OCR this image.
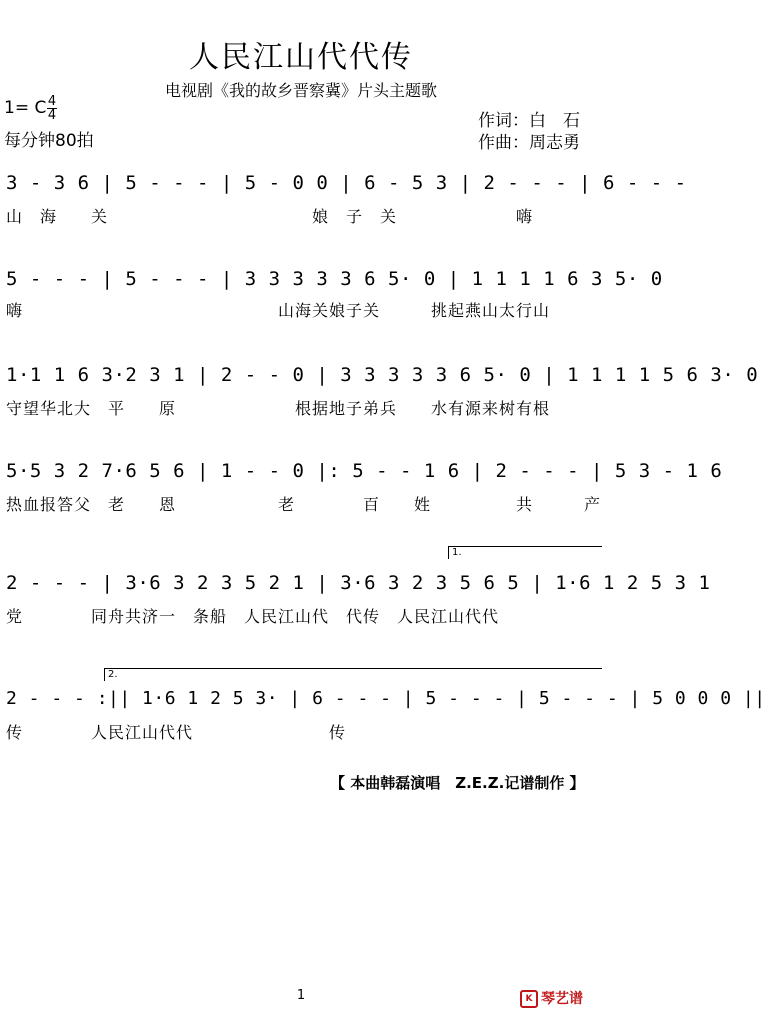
人民江山代代传
电视剧《我的故乡晋察冀》片头主题歌
1= C 4
4
每分钟80拍
作词：白　石
作曲：周志勇
3 - 3 6 | 5 - - - | 5 - 0 0 | 6 - 5 3 | 2 - - - | 6 - - -
山　海　　关　　　　　　　　　　　　娘　子　关　　　　　　　嗨
5 - - - | 5 - - - | 3 3 3 3 3 6 5· 0 | 1 1 1 1 6 3 5· 0
嗨　　　　　　　　　　　　　　　山海关娘子关　　　挑起燕山太行山
1·1 1 6 3·2 3 1 | 2 - - 0 | 3 3 3 3 3 6 5· 0 | 1 1 1 1 5 6 3· 0
守望华北大　平　　原　　　　　　　根据地子弟兵　　水有源来树有根
5·5 3 2 7·6 5 6 | 1 - - 0 |: 5 - - 1 6 | 2 - - - | 5 3 - 1 6
热血报答父　老　　恩　　　　　　老　　　　百　　姓　　　　　共　　　产
1.
2 - - - | 3·6 3 2 3 5 2 1 | 3·6 3 2 3 5 6 5 | 1·6 1 2 5 3 1
党　　　　同舟共济一　条船　人民江山代　代传　人民江山代代
2.
2 - - - :|| 1·6 1 2 5 3· | 6 - - - | 5 - - - | 5 - - - | 5 0 0 0 ||
传　　　　人民江山代代　　　　　　　　传
【 本曲韩磊演唱　Z.E.Z.记谱制作 】
1	K 琴艺谱
